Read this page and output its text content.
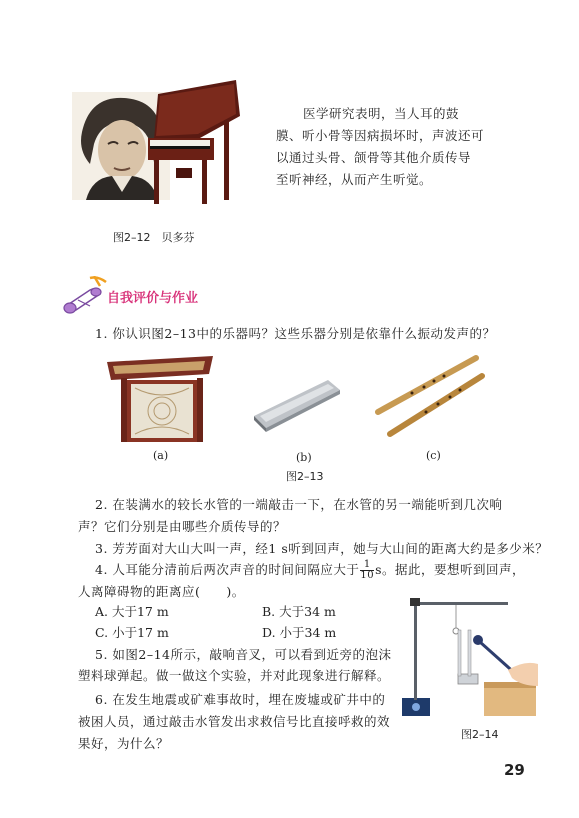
医学研究表明，当人耳的鼓
膜、听小骨等因病损坏时，声波还可
以通过头骨、颌骨等其他介质传导
至听神经，从而产生听觉。
图2–12　贝多芬
自我评价与作业
1. 你认识图2–13中的乐器吗？这些乐器分别是依靠什么振动发声的？
(a)	(b)	(c)
图2–13
2. 在装满水的较长水管的一端敲击一下，在水管的另一端能听到几次响
声？它们分别是由哪些介质传导的？
3. 芳芳面对大山大叫一声，经1 s听到回声，她与大山间的距离大约是多少米？
4. 人耳能分清前后两次声音的时间间隔应大于 $\frac{1}{10}$ s。据此，要想听到回声，
人离障碍物的距离应(　　)。
A. 大于17 m	B. 大于34 m
C. 小于17 m	D. 小于34 m
5. 如图2–14所示，敲响音叉，可以看到近旁的泡沫
塑料球弹起。做一做这个实验，并对此现象进行解释。
6. 在发生地震或矿难事故时，埋在废墟或矿井中的
被困人员，通过敲击水管发出求救信号比直接呼救的效
果好，为什么？
图2–14
29
